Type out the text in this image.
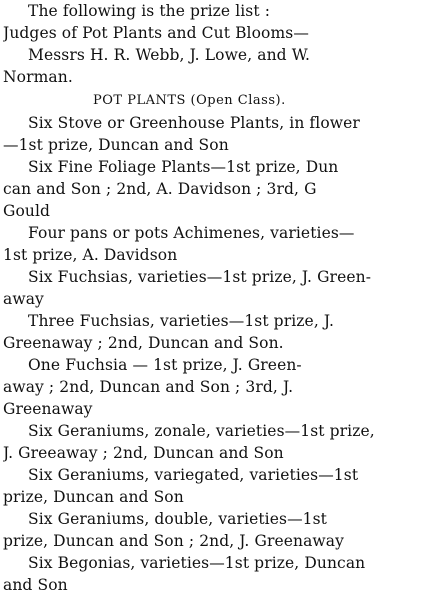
The following is the prize list :
Judges of Pot Plants and Cut Blooms—
Messrs H. R. Webb, J. Lowe, and W.
Norman.
POT PLANTS (Open Class).
Six Stove or Greenhouse Plants, in flower
—1st prize, Duncan and Son
Six Fine Foliage Plants—1st prize, Dun
can and Son ; 2nd, A. Davidson ; 3rd, G
Gould
Four pans or pots Achimenes, varieties—
1st prize, A. Davidson
Six Fuchsias, varieties—1st prize, J. Green-
away
Three Fuchsias, varieties—1st prize, J.
Greenaway ; 2nd, Duncan and Son.
One Fuchsia — 1st prize, J. Green-
away ; 2nd, Duncan and Son ; 3rd, J.
Greenaway
Six Geraniums, zonale, varieties—1st prize,
J. Greeaway ; 2nd, Duncan and Son
Six Geraniums, variegated, varieties—1st
prize, Duncan and Son
Six Geraniums, double, varieties—1st
prize, Duncan and Son ; 2nd, J. Greenaway
Six Begonias, varieties—1st prize, Duncan
and Son
